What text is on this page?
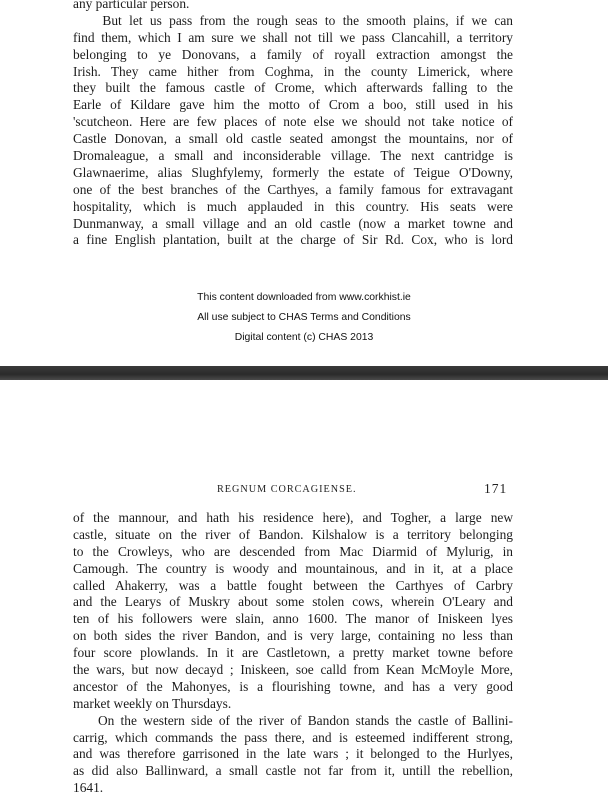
any particular person.
But let us pass from the rough seas to the smooth plains, if we can
find them, which I am sure we shall not till we pass Clancahill, a territory
belonging to ye Donovans, a family of royall extraction amongst the
Irish. They came hither from Coghma, in the county Limerick, where
they built the famous castle of Crome, which afterwards falling to the
Earle of Kildare gave him the motto of Crom a boo, still used in his
'scutcheon. Here are few places of note else we should not take notice of
Castle Donovan, a small old castle seated amongst the mountains, nor of
Dromaleague, a small and inconsiderable village. The next cantridge is
Glawnaerime, alias Slughfylemy, formerly the estate of Teigue O'Downy,
one of the best branches of the Carthyes, a family famous for extravagant
hospitality, which is much applauded in this country. His seats were
Dunmanway, a small village and an old castle (now a market towne and
a fine English plantation, built at the charge of Sir Rd. Cox, who is lord
This content downloaded from www.corkhist.ie
All use subject to CHAS Terms and Conditions
Digital content (c) CHAS 2013
REGNUM CORCAGIENSE.	171
of the mannour, and hath his residence here), and Togher, a large new
castle, situate on the river of Bandon. Kilshalow is a territory belonging
to the Crowleys, who are descended from Mac Diarmid of Mylurig, in
Camough. The country is woody and mountainous, and in it, at a place
called Ahakerry, was a battle fought between the Carthyes of Carbry
and the Learys of Muskry about some stolen cows, wherein O'Leary and
ten of his followers were slain, anno 1600. The manor of Iniskeen lyes
on both sides the river Bandon, and is very large, containing no less than
four score plowlands. In it are Castletown, a pretty market towne before
the wars, but now decayd ; Iniskeen, soe calld from Kean McMoyle More,
ancestor of the Mahonyes, is a flourishing towne, and has a very good
market weekly on Thursdays.
On the western side of the river of Bandon stands the castle of Ballini-
carrig, which commands the pass there, and is esteemed indifferent strong,
and was therefore garrisoned in the late wars ; it belonged to the Hurlyes,
as did also Ballinward, a small castle not far from it, untill the rebellion,
1641.
